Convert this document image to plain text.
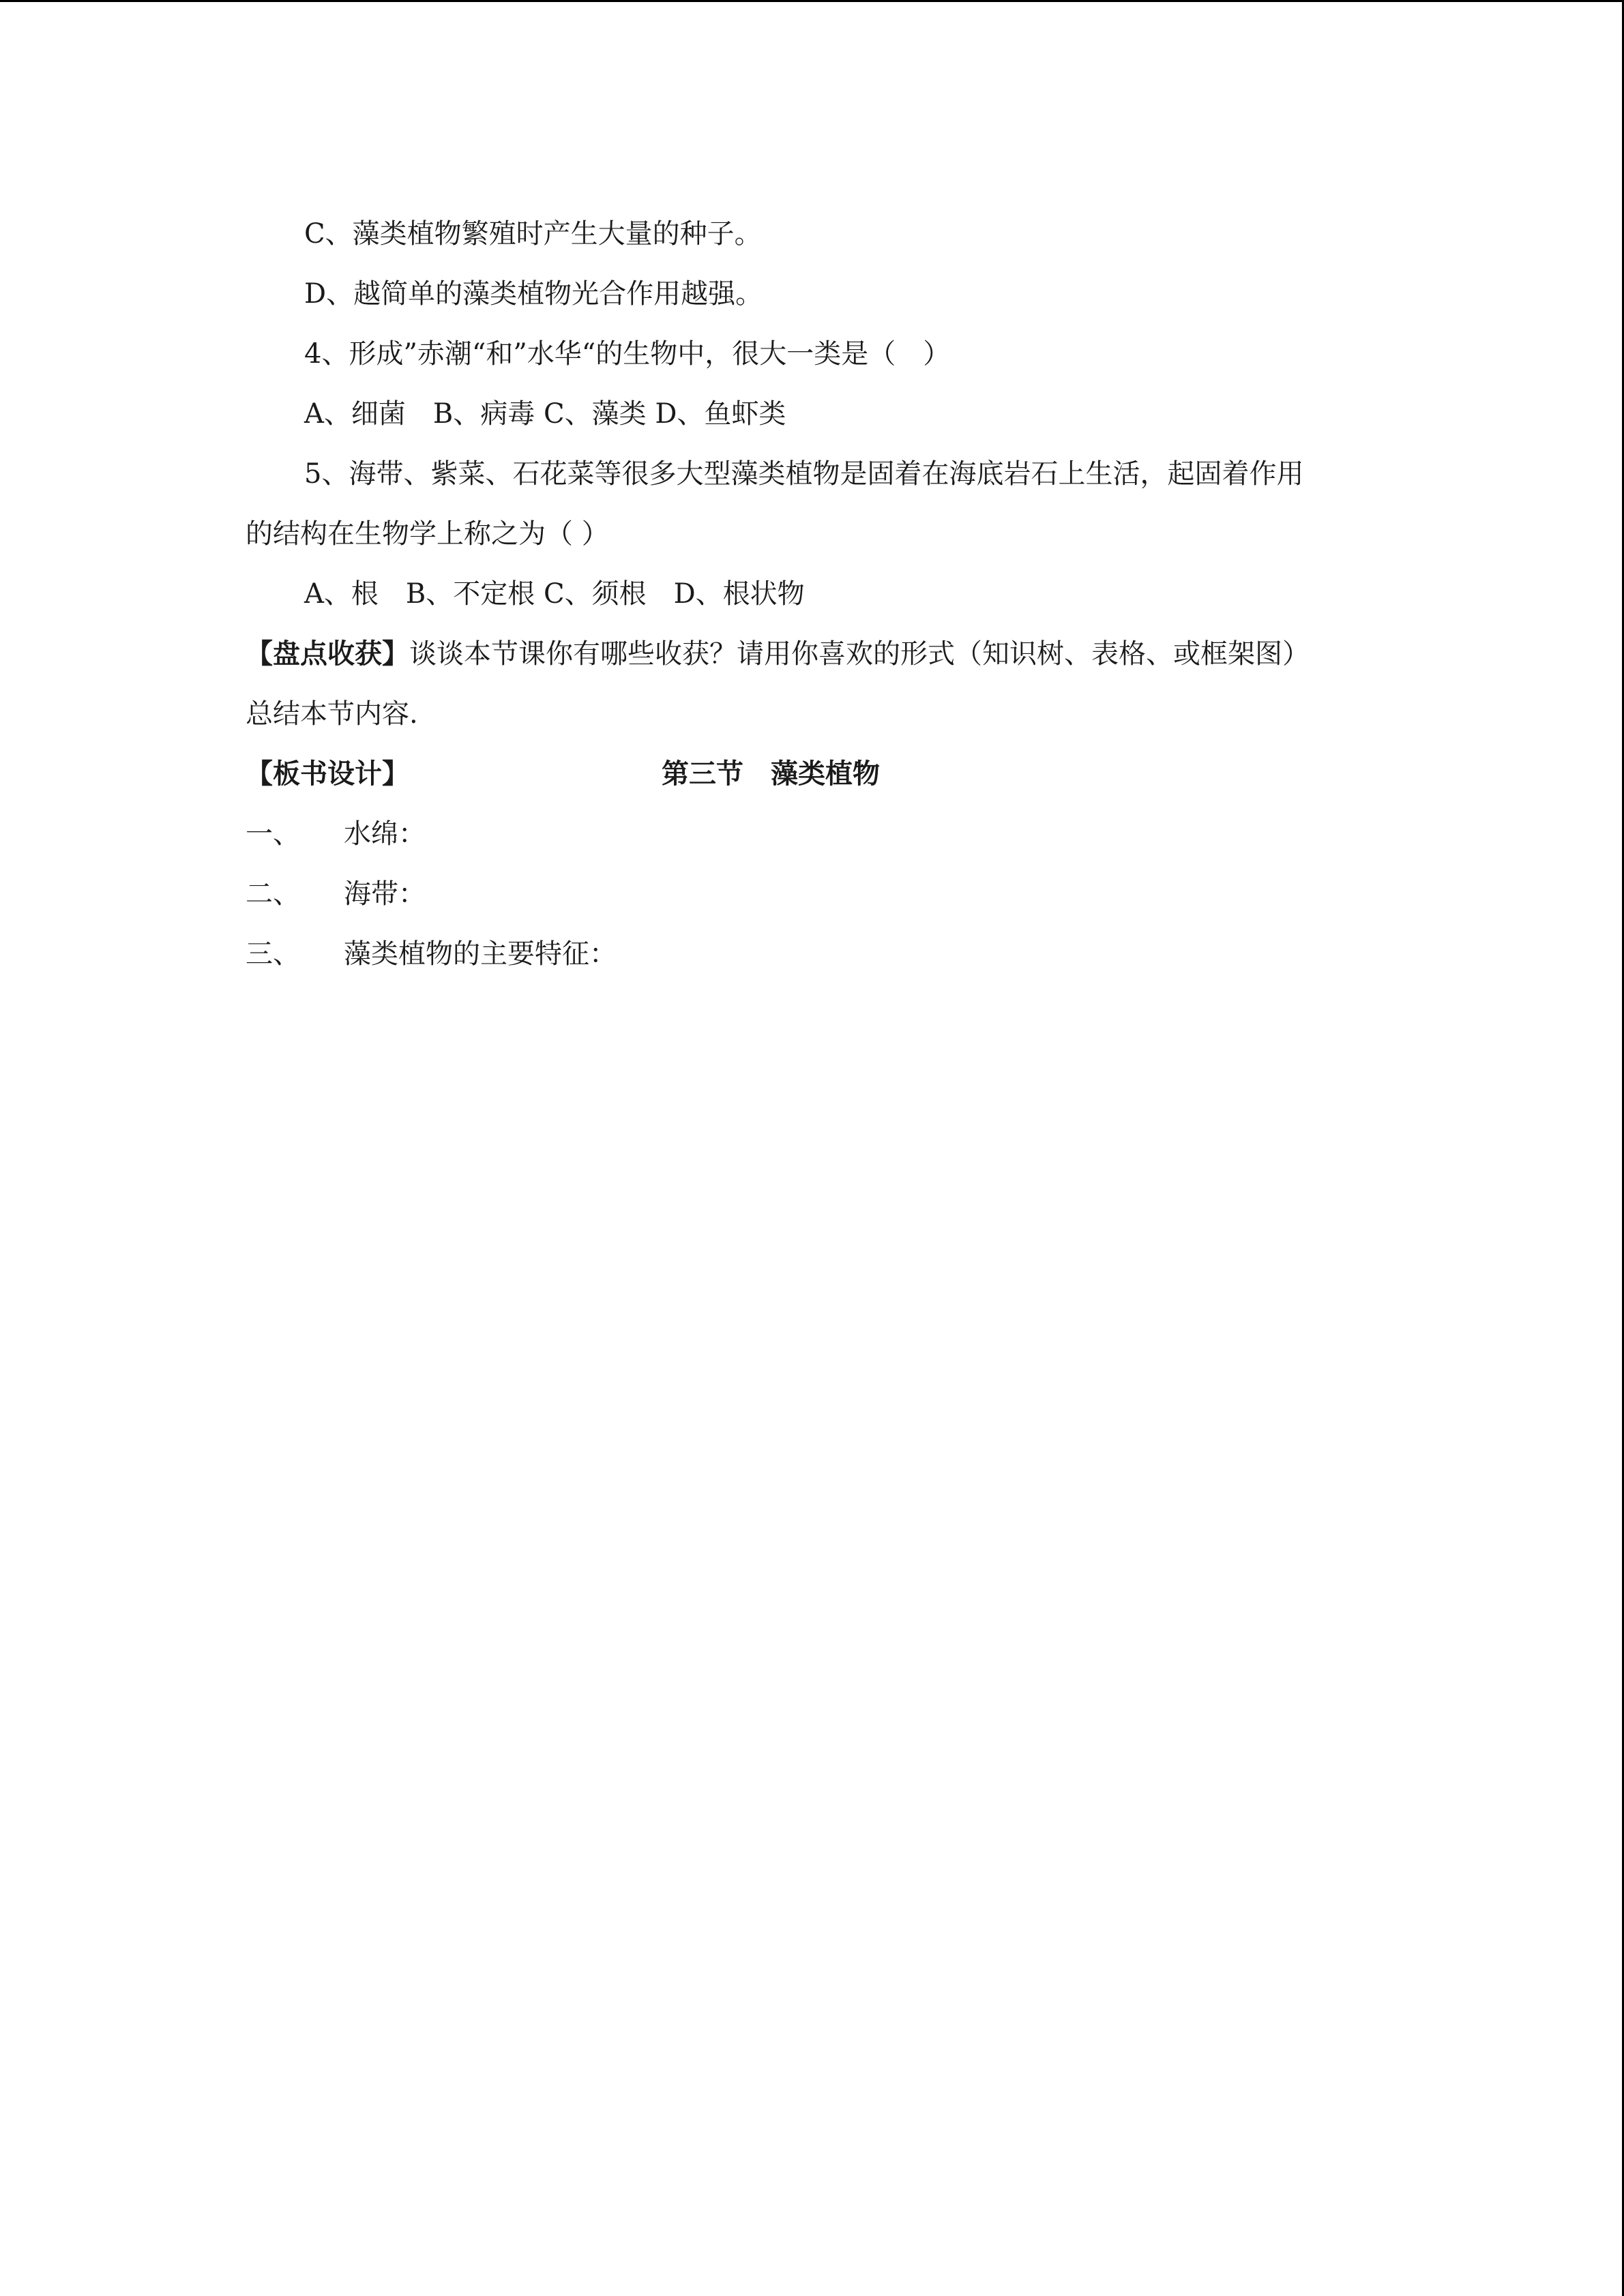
C、藻类植物繁殖时产生大量的种子。
D、越简单的藻类植物光合作用越强。
4、形成”赤潮“和”水华“的生物中，很大一类是（　）
A、细菌　B、病毒 C、藻类 D、鱼虾类
5、海带、紫菜、石花菜等很多大型藻类植物是固着在海底岩石上生活，起固着作用
的结构在生物学上称之为（ ）
A、根　B、不定根 C、须根　D、根状物
【盘点收获】谈谈本节课你有哪些收获？请用你喜欢的形式（知识树、表格、或框架图）
总结本节内容.
【板书设计】	第三节　藻类植物
一、 水绵：
二、 海带：
三、 藻类植物的主要特征：
